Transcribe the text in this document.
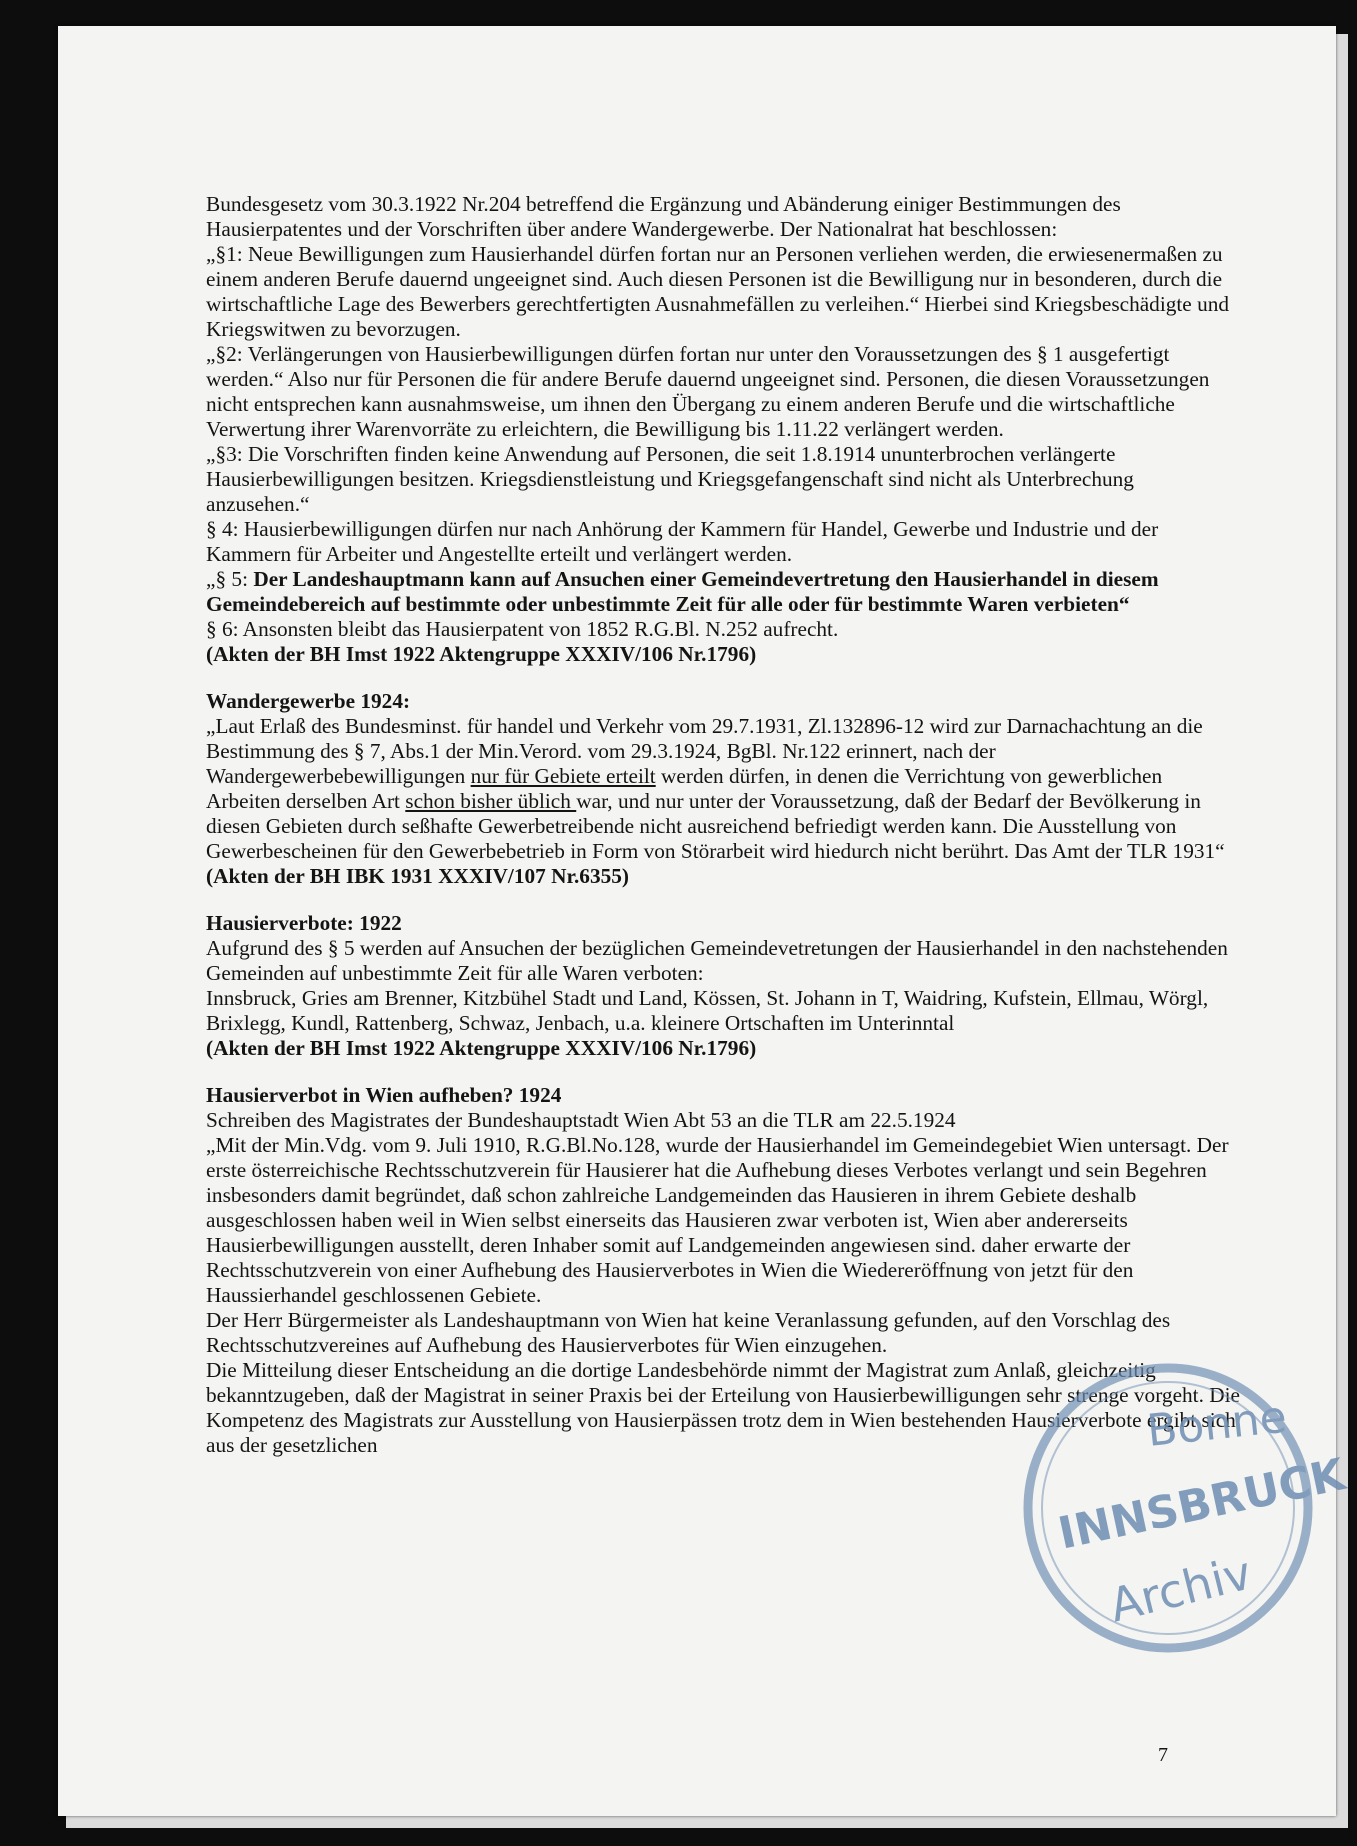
Bundesgesetz vom 30.3.1922 Nr.204 betreffend die Ergänzung und Abänderung einiger Bestimmungen des Hausierpatentes und der Vorschriften über andere Wandergewerbe. Der Nationalrat hat beschlossen:

„§1: Neue Bewilligungen zum Hausierhandel dürfen fortan nur an Personen verliehen werden, die erwiesenermaßen zu einem anderen Berufe dauernd ungeeignet sind. Auch diesen Personen ist die Bewilligung nur in besonderen, durch die wirtschaftliche Lage des Bewerbers gerechtfertigten Ausnahmefällen zu verleihen.“ Hierbei sind Kriegsbeschädigte und Kriegswitwen zu bevorzugen.

„§2: Verlängerungen von Hausierbewilligungen dürfen fortan nur unter den Voraussetzungen des § 1 ausgefertigt werden.“ Also nur für Personen die für andere Berufe dauernd ungeeignet sind. Personen, die diesen Voraussetzungen nicht entsprechen kann ausnahmsweise, um ihnen den Übergang zu einem anderen Berufe und die wirtschaftliche Verwertung ihrer Warenvorräte zu erleichtern, die Bewilligung bis 1.11.22 verlängert werden.

„§3: Die Vorschriften finden keine Anwendung auf Personen, die seit 1.8.1914 ununterbrochen verlängerte Hausierbewilligungen besitzen. Kriegsdienstleistung und Kriegsgefangenschaft sind nicht als Unterbrechung anzusehen.“

§ 4: Hausierbewilligungen dürfen nur nach Anhörung der Kammern für Handel, Gewerbe und Industrie und der Kammern für Arbeiter und Angestellte erteilt und verlängert werden.

„§ 5: Der Landeshauptmann kann auf Ansuchen einer Gemeindevertretung den Hausierhandel in diesem Gemeindebereich auf bestimmte oder unbestimmte Zeit für alle oder für bestimmte Waren verbieten“

§ 6: Ansonsten bleibt das Hausierpatent von 1852 R.G.Bl. N.252 aufrecht.

(Akten der BH Imst 1922 Aktengruppe XXXIV/106 Nr.1796)

Wandergewerbe 1924:

„Laut Erlaß des Bundesminst. für handel und Verkehr vom 29.7.1931, Zl.132896-12 wird zur Darnachachtung an die Bestimmung des § 7, Abs.1 der Min.Verord. vom 29.3.1924, BgBl. Nr.122 erinnert, nach der Wandergewerbebewilligungen nur für Gebiete erteilt werden dürfen, in denen die Verrichtung von gewerblichen Arbeiten derselben Art schon bisher üblich war, und nur unter der Voraussetzung, daß der Bedarf der Bevölkerung in diesen Gebieten durch seßhafte Gewerbetreibende nicht ausreichend befriedigt werden kann. Die Ausstellung von Gewerbescheinen für den Gewerbebetrieb in Form von Störarbeit wird hiedurch nicht berührt. Das Amt der TLR 1931“

(Akten der BH IBK 1931 XXXIV/107 Nr.6355)

Hausierverbote: 1922

Aufgrund des § 5 werden auf Ansuchen der bezüglichen Gemeindevetretungen der Hausierhandel in den nachstehenden Gemeinden auf unbestimmte Zeit für alle Waren verboten:

Innsbruck, Gries am Brenner, Kitzbühel Stadt und Land, Kössen, St. Johann in T, Waidring, Kufstein, Ellmau, Wörgl, Brixlegg, Kundl, Rattenberg, Schwaz, Jenbach, u.a. kleinere Ortschaften im Unterinntal

(Akten der BH Imst 1922 Aktengruppe XXXIV/106 Nr.1796)

Hausierverbot in Wien aufheben? 1924

Schreiben des Magistrates der Bundeshauptstadt Wien Abt 53 an die TLR am 22.5.1924

„Mit der Min.Vdg. vom 9. Juli 1910, R.G.Bl.No.128, wurde der Hausierhandel im Gemeindegebiet Wien untersagt. Der erste österreichische Rechtsschutzverein für Hausierer hat die Aufhebung dieses Verbotes verlangt und sein Begehren insbesonders damit begründet, daß schon zahlreiche Landgemeinden das Hausieren in ihrem Gebiete deshalb ausgeschlossen haben weil in Wien selbst einerseits das Hausieren zwar verboten ist, Wien aber andererseits Hausierbewilligungen ausstellt, deren Inhaber somit auf Landgemeinden angewiesen sind. daher erwarte der Rechtsschutzverein von einer Aufhebung des Hausierverbotes in Wien die Wiedereröffnung von jetzt für den Haussierhandel geschlossenen Gebiete.

Der Herr Bürgermeister als Landeshauptmann von Wien hat keine Veranlassung gefunden, auf den Vorschlag des Rechtsschutzvereines auf Aufhebung des Hausierverbotes für Wien einzugehen.

Die Mitteilung dieser Entscheidung an die dortige Landesbehörde nimmt der Magistrat zum Anlaß, gleichzeitig bekanntzugeben, daß der Magistrat in seiner Praxis bei der Erteilung von Hausierbewilligungen sehr strenge vorgeht. Die Kompetenz des Magistrats zur Ausstellung von Hausierpässen trotz dem in Wien bestehenden Hausierverbote ergibt sich aus der gesetzlichen

7
Bonne
INNSBRUCK
Archiv
